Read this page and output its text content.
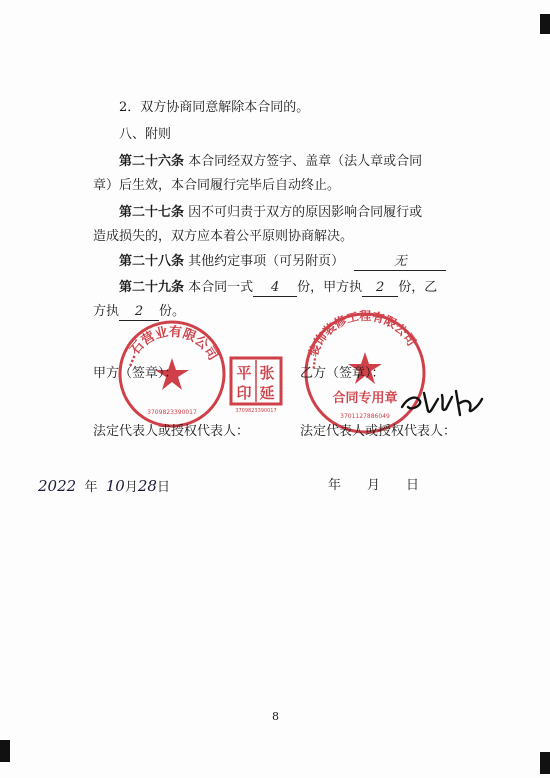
2．双方协商同意解除本合同的。
八、附则
第二十六条 本合同经双方签字、盖章（法人章或合同
章）后生效，本合同履行完毕后自动终止。
第二十七条 因不可归责于双方的原因影响合同履行或
造成损失的，双方应本着公平原则协商解决。
第二十八条 其他约定事项（可另附页）	无
第二十九条 本合同一式 4 份，甲方执 2 份，乙
方执 2 份。
…石营业有限公司
3709823390017
张
平
延
印
3709823390017
…装饰装修工程有限公司
合同专用章
3701127886049
甲方（签章）：	乙方（签章）：
法定代表人或授权代表人：	法定代表人或授权代表人：
2022 年 10月28日	年 月 日
8
